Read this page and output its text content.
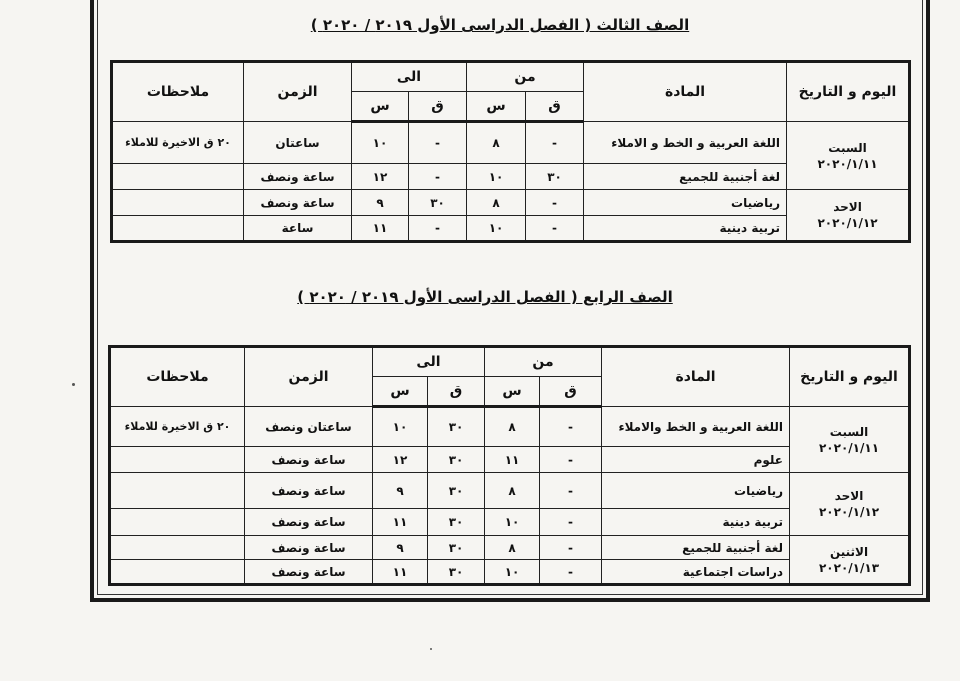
الصف الثالث ( الفصل الدراسى الأول ٢٠١٩ / ٢٠٢٠ )
اليوم و التاريخ	المادة	من		الى		الزمن	ملاحظات
		ق	س	ق	س		

السبت
٢٠٢٠/١/١١	اللغة العربية و الخط و الاملاء	-	٨	-	١٠	ساعتان	٢٠ ق الاخيرة للاملاء
	لغة أجنبية للجميع	٣٠	١٠	-	١٢	ساعة ونصف	

الاحد
٢٠٢٠/١/١٢	رياضيات	-	٨	٣٠	٩	ساعة ونصف	
	تربية دينية	-	١٠	-	١١	ساعة	
الصف الرابع ( الفصل الدراسى الأول ٢٠١٩ / ٢٠٢٠ )
اليوم و التاريخ	المادة	من		الى		الزمن	ملاحظات
		ق	س	ق	س		

السبت
٢٠٢٠/١/١١	اللغة العربية و الخط والاملاء	-	٨	٣٠	١٠	ساعتان ونصف	٢٠ ق الاخيرة للاملاء
	علوم	-	١١	٣٠	١٢	ساعة ونصف	

الاحد
٢٠٢٠/١/١٢	رياضيات	-	٨	٣٠	٩	ساعة ونصف	
	تربية دينية	-	١٠	٣٠	١١	ساعة ونصف	

الاثنين
٢٠٢٠/١/١٣	لغة أجنبية للجميع	-	٨	٣٠	٩	ساعة ونصف	
	دراسات اجتماعية	-	١٠	٣٠	١١	ساعة ونصف	
